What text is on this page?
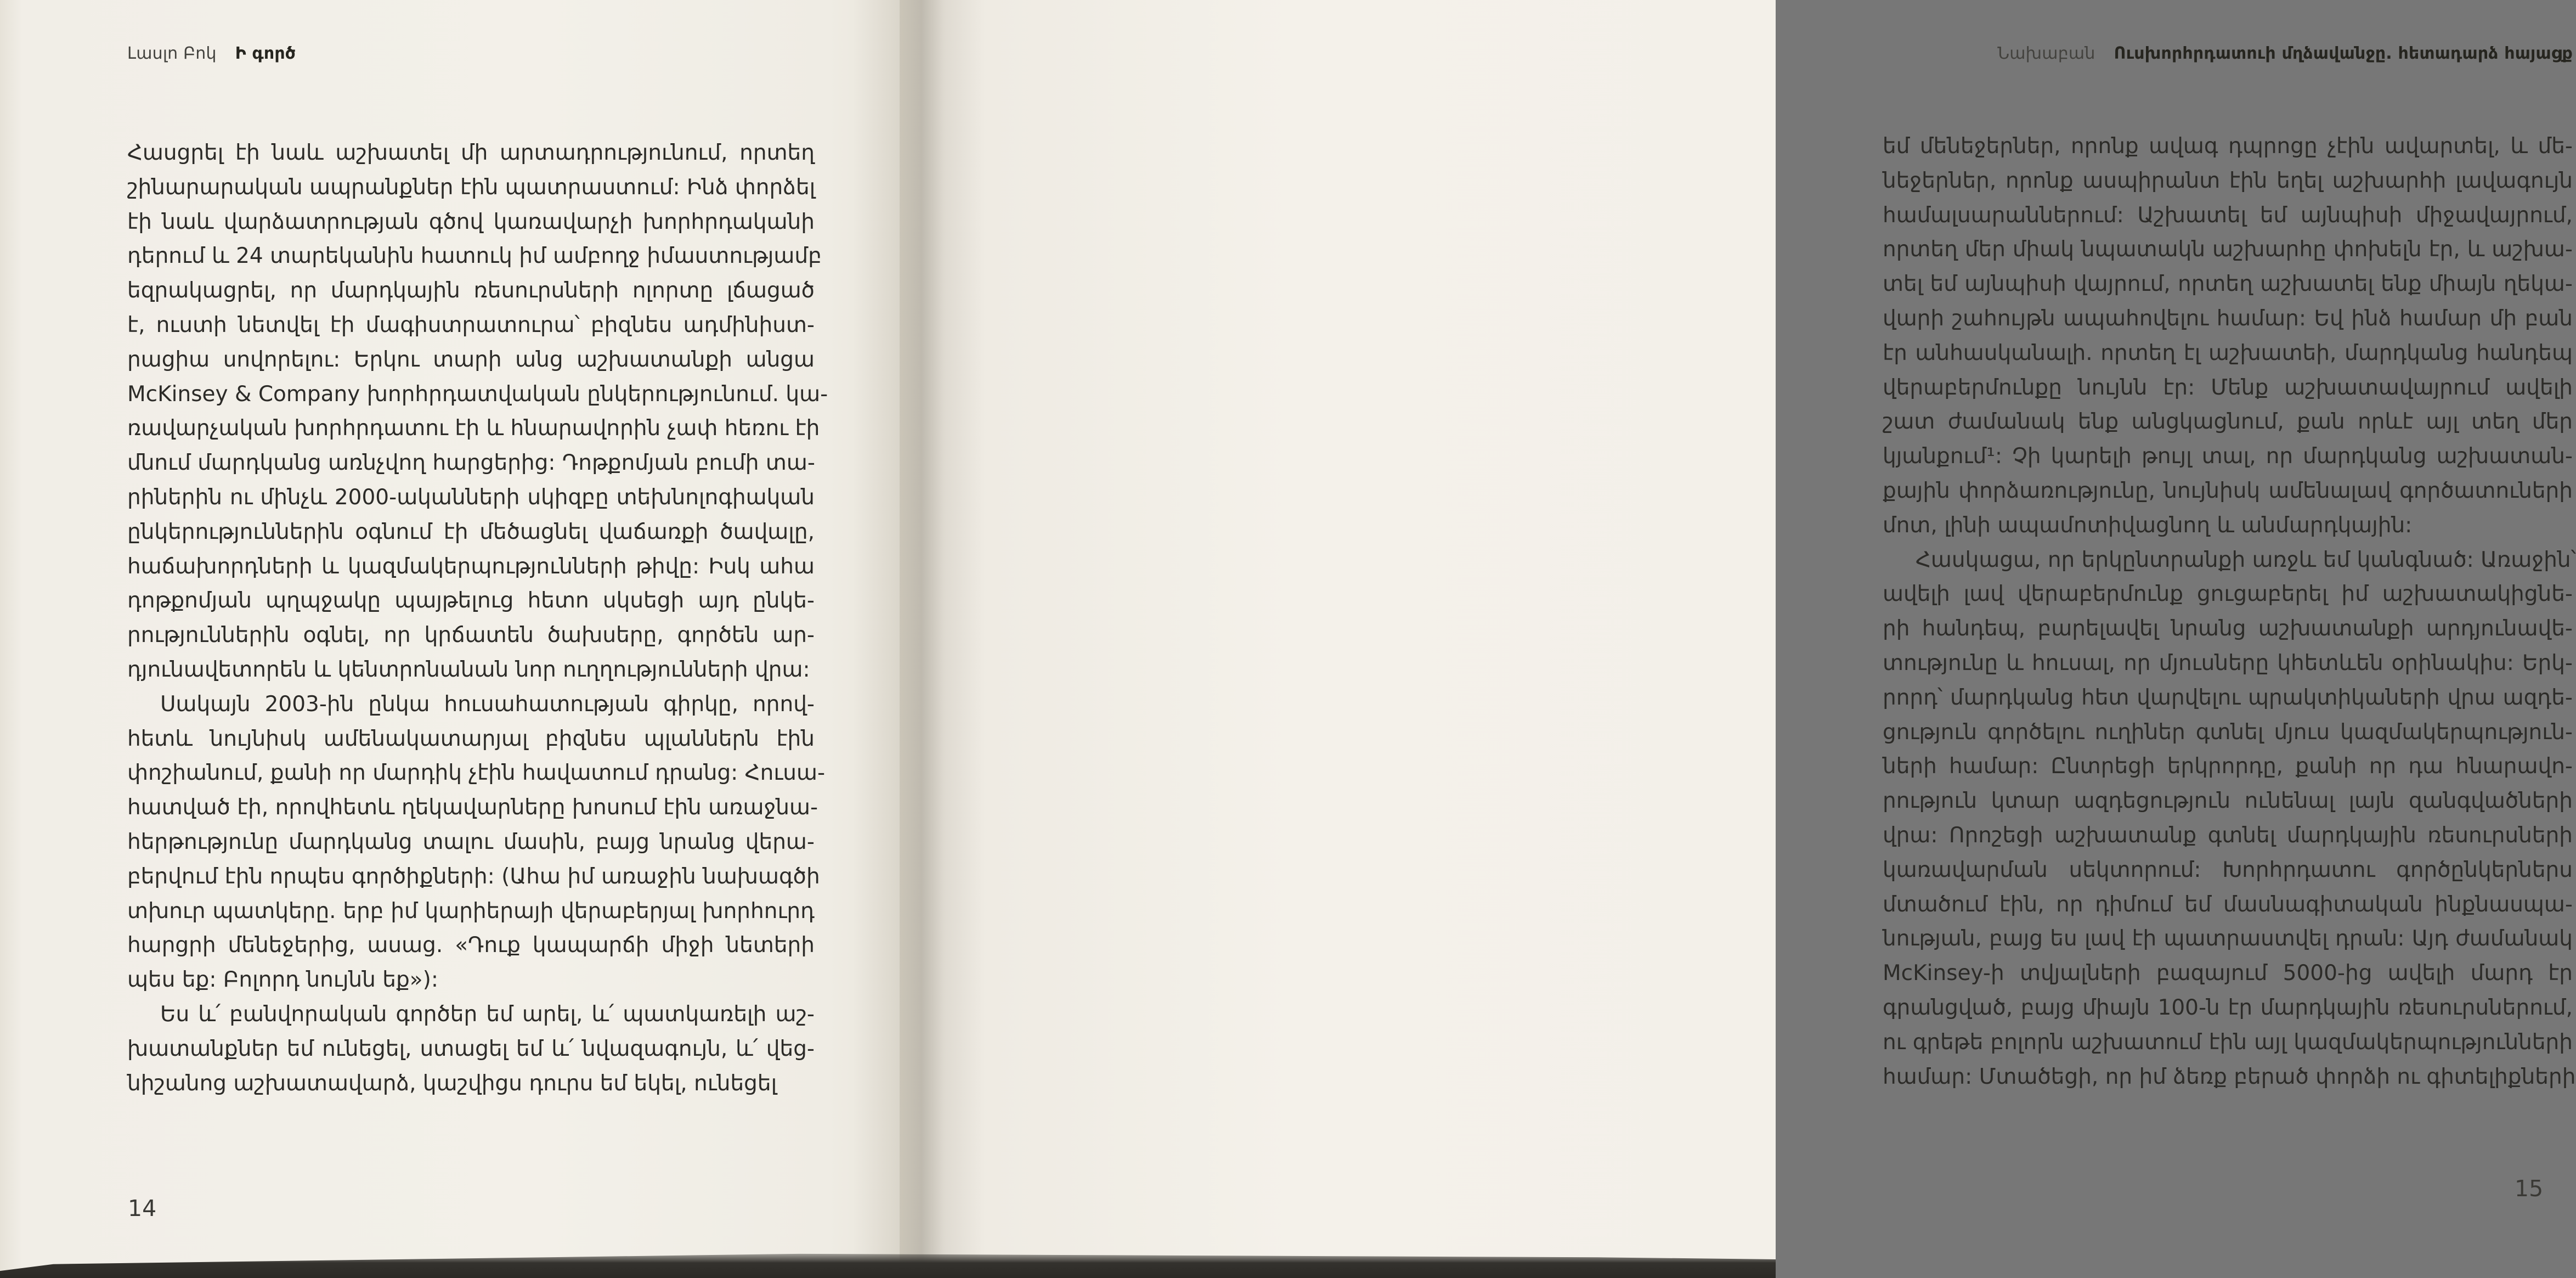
Լասլո Բոկ Ի գործ
Հասցրել էի նաև աշխատել մի արտադրությունում, որտեղ
շինարարական ապրանքներ էին պատրաստում: Ինձ փորձել
էի նաև վարձատրության գծով կառավարչի խորհրդականի
դերում և 24 տարեկանին հատուկ իմ ամբողջ իմաստությամբ
եզրակացրել, որ մարդկային ռեսուրսների ոլորտը լճացած
է, ուստի նետվել էի մագիստրատուրա՝ բիզնես ադմինիստ-
րացիա սովորելու: Երկու տարի անց աշխատանքի անցա
McKinsey & Company խորհրդատվական ընկերությունում. կա-
ռավարչական խորհրդատու էի և հնարավորին չափ հեռու էի
մնում մարդկանց առնչվող հարցերից: Դոթքոմյան բումի տա-
րիներին ու մինչև 2000-ականների սկիզբը տեխնոլոգիական
ընկերություններին օգնում էի մեծացնել վաճառքի ծավալը,
հաճախորդների և կազմակերպությունների թիվը: Իսկ ահա
դոթքոմյան պղպջակը պայթելուց հետո սկսեցի այդ ընկե-
րություններին օգնել, որ կրճատեն ծախսերը, գործեն ար-
դյունավետորեն և կենտրոնանան նոր ուղղությունների վրա:
Սակայն 2003-ին ընկա հուսահատության գիրկը, որով-
հետև նույնիսկ ամենակատարյալ բիզնես պլաններն էին
փոշիանում, քանի որ մարդիկ չէին հավատում դրանց: Հուսա-
հատված էի, որովհետև ղեկավարները խոսում էին առաջնա-
հերթությունը մարդկանց տալու մասին, բայց նրանց վերա-
բերվում էին որպես գործիքների: (Ահա իմ առաջին նախագծի
տխուր պատկերը. երբ իմ կարիերայի վերաբերյալ խորհուրդ
հարցրի մենեջերից, ասաց. «Դուք կապարճի միջի նետերի
պես եք: Բոլորդ նույնն եք»):
Ես և՛ բանվորական գործեր եմ արել, և՛ պատկառելի աշ-
խատանքներ եմ ունեցել, ստացել եմ և՛ նվազագույն, և՛ վեց-
նիշանոց աշխատավարձ, կաշվիցս դուրս եմ եկել, ունեցել
14
Նախաբան Ուսխորհրդատուի մղձավանջը. հետադարձ հայացք
եմ մենեջերներ, որոնք ավագ դպրոցը չէին ավարտել, և մե-
նեջերներ, որոնք ասպիրանտ էին եղել աշխարհի լավագույն
համալսարաններում: Աշխատել եմ այնպիսի միջավայրում,
որտեղ մեր միակ նպատակն աշխարհը փոխելն էր, և աշխա-
տել եմ այնպիսի վայրում, որտեղ աշխատել ենք միայն ղեկա-
վարի շահույթն ապահովելու համար: Եվ ինձ համար մի բան
էր անհասկանալի. որտեղ էլ աշխատեի, մարդկանց հանդեպ
վերաբերմունքը նույնն էր: Մենք աշխատավայրում ավելի
շատ ժամանակ ենք անցկացնում, քան որևէ այլ տեղ մեր
կյանքում¹: Չի կարելի թույլ տալ, որ մարդկանց աշխատան-
քային փորձառությունը, նույնիսկ ամենալավ գործատուների
մոտ, լինի ապամոտիվացնող և անմարդկային:
Հասկացա, որ երկընտրանքի առջև եմ կանգնած: Առաջին՝
ավելի լավ վերաբերմունք ցուցաբերել իմ աշխատակիցնե-
րի հանդեպ, բարելավել նրանց աշխատանքի արդյունավե-
տությունը և հուսալ, որ մյուսները կհետևեն օրինակիս: Երկ-
րորդ՝ մարդկանց հետ վարվելու պրակտիկաների վրա ազդե-
ցություն գործելու ուղիներ գտնել մյուս կազմակերպություն-
ների համար: Ընտրեցի երկրորդը, քանի որ դա հնարավո-
րություն կտար ազդեցություն ունենալ լայն զանգվածների
վրա: Որոշեցի աշխատանք գտնել մարդկային ռեսուրսների
կառավարման սեկտորում: Խորհրդատու գործընկերներս
մտածում էին, որ դիմում եմ մասնագիտական ինքնասպա-
նության, բայց ես լավ էի պատրաստվել դրան: Այդ ժամանակ
McKinsey-ի տվյալների բազայում 5000-ից ավելի մարդ էր
գրանցված, բայց միայն 100-ն էր մարդկային ռեսուրսներում,
ու գրեթե բոլորն աշխատում էին այլ կազմակերպությունների
համար: Մտածեցի, որ իմ ձեռք բերած փորձի ու գիտելիքների
15
